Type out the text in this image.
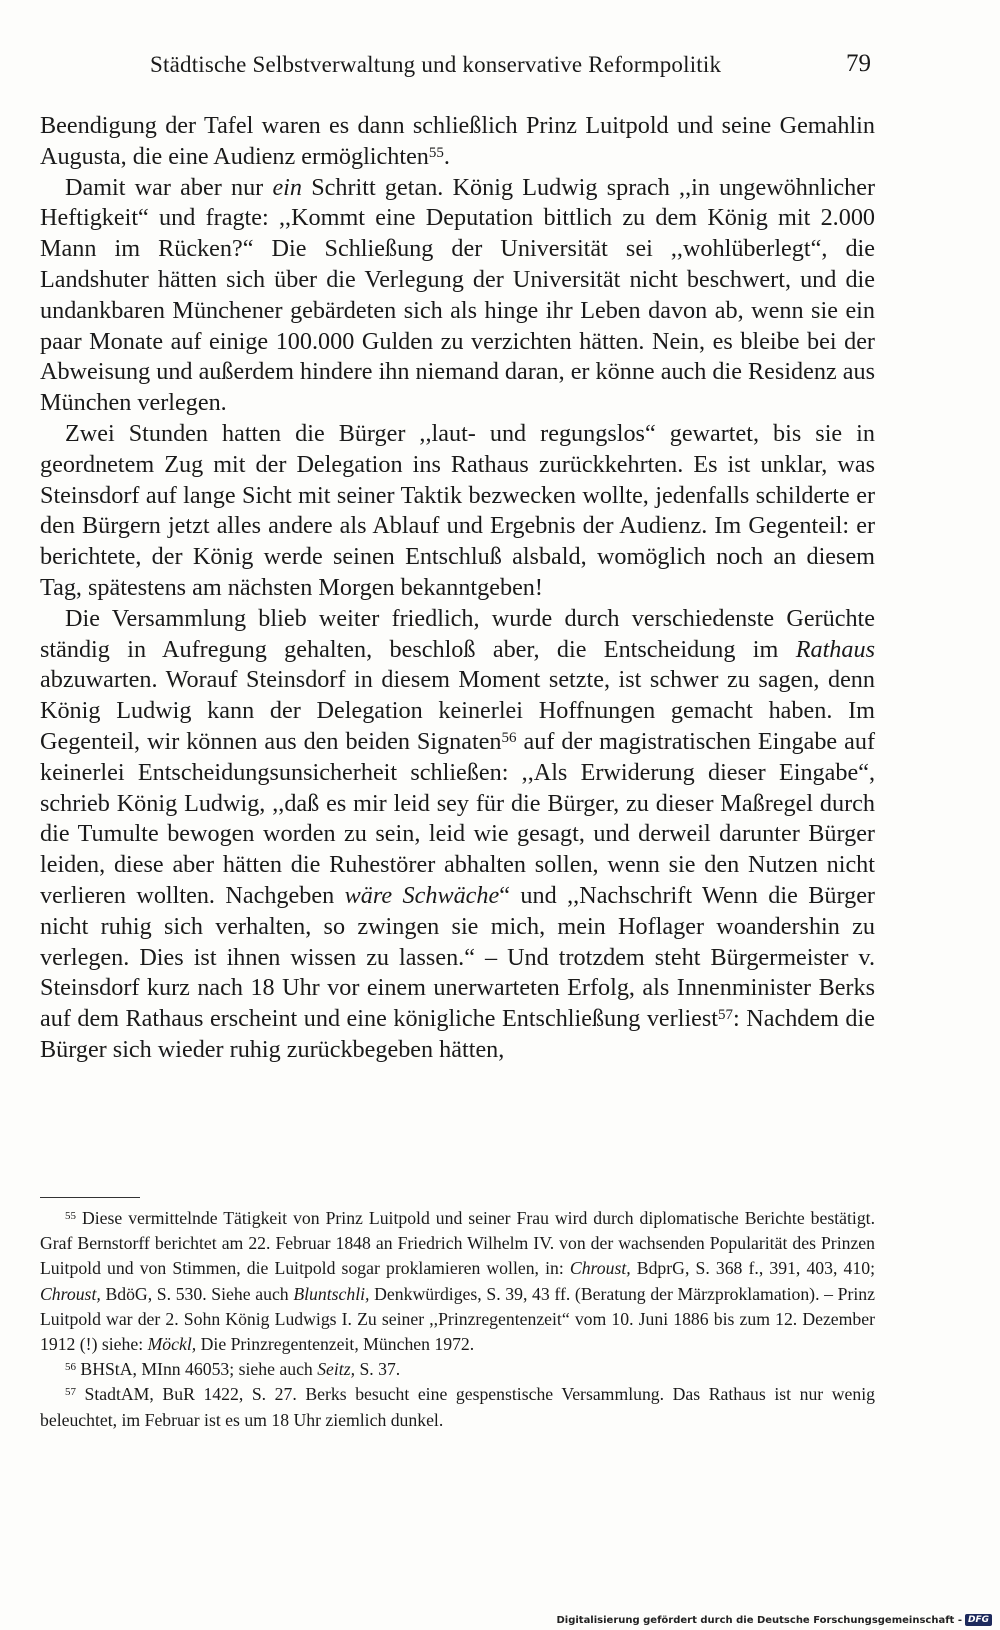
Städtische Selbstverwaltung und konservative Reformpolitik	79

Beendigung der Tafel waren es dann schließlich Prinz Luitpold und seine Gemahlin Augusta, die eine Audienz ermöglichten$^{55}$.

Damit war aber nur ein Schritt getan. König Ludwig sprach ,,in ungewöhnlicher Heftigkeit“ und fragte: ,,Kommt eine Deputation bittlich zu dem König mit 2.000 Mann im Rücken?“ Die Schließung der Universität sei ,,wohlüberlegt“, die Landshuter hätten sich über die Verlegung der Universität nicht beschwert, und die undankbaren Münchener gebärdeten sich als hinge ihr Leben davon ab, wenn sie ein paar Monate auf einige 100.000 Gulden zu verzichten hätten. Nein, es bleibe bei der Abweisung und außerdem hindere ihn niemand daran, er könne auch die Residenz aus München verlegen.

Zwei Stunden hatten die Bürger ,,laut- und regungslos“ gewartet, bis sie in geordnetem Zug mit der Delegation ins Rathaus zurückkehrten. Es ist unklar, was Steinsdorf auf lange Sicht mit seiner Taktik bezwecken wollte, jedenfalls schilderte er den Bürgern jetzt alles andere als Ablauf und Ergebnis der Audienz. Im Gegenteil: er berichtete, der König werde seinen Entschluß alsbald, womöglich noch an diesem Tag, spätestens am nächsten Morgen bekanntgeben!

Die Versammlung blieb weiter friedlich, wurde durch verschiedenste Gerüchte ständig in Aufregung gehalten, beschloß aber, die Entscheidung im Rathaus abzuwarten. Worauf Steinsdorf in diesem Moment setzte, ist schwer zu sagen, denn König Ludwig kann der Delegation keinerlei Hoffnungen gemacht haben. Im Gegenteil, wir können aus den beiden Signaten$^{56}$ auf der magistratischen Eingabe auf keinerlei Entscheidungsunsicherheit schließen: ,,Als Erwiderung dieser Eingabe“, schrieb König Ludwig, ,,daß es mir leid sey für die Bürger, zu dieser Maßregel durch die Tumulte bewogen worden zu sein, leid wie gesagt, und derweil darunter Bürger leiden, diese aber hätten die Ruhestörer abhalten sollen, wenn sie den Nutzen nicht verlieren wollten. Nachgeben wäre Schwäche“ und ,,Nachschrift Wenn die Bürger nicht ruhig sich verhalten, so zwingen sie mich, mein Hoflager woandershin zu verlegen. Dies ist ihnen wissen zu lassen.“ – Und trotzdem steht Bürgermeister v. Steinsdorf kurz nach 18 Uhr vor einem unerwarteten Erfolg, als Innenminister Berks auf dem Rathaus erscheint und eine königliche Entschließung verliest$^{57}$: Nachdem die Bürger sich wieder ruhig zurückbegeben hätten,

$^{55}$ Diese vermittelnde Tätigkeit von Prinz Luitpold und seiner Frau wird durch diplomatische Berichte bestätigt. Graf Bernstorff berichtet am 22. Februar 1848 an Friedrich Wilhelm IV. von der wachsenden Popularität des Prinzen Luitpold und von Stimmen, die Luitpold sogar proklamieren wollen, in: Chroust, BdprG, S. 368 f., 391, 403, 410; Chroust, BdöG, S. 530. Siehe auch Bluntschli, Denkwürdiges, S. 39, 43 ff. (Beratung der Märzproklamation). – Prinz Luitpold war der 2. Sohn König Ludwigs I. Zu seiner ,,Prinzregentenzeit“ vom 10. Juni 1886 bis zum 12. Dezember 1912 (!) siehe: Möckl, Die Prinzregentenzeit, München 1972.

$^{56}$ BHStA, MInn 46053; siehe auch Seitz, S. 37.

$^{57}$ StadtAM, BuR 1422, S. 27. Berks besucht eine gespenstische Versammlung. Das Rathaus ist nur wenig beleuchtet, im Februar ist es um 18 Uhr ziemlich dunkel.

Digitalisierung gefördert durch die Deutsche Forschungsgemeinschaft - DFG
